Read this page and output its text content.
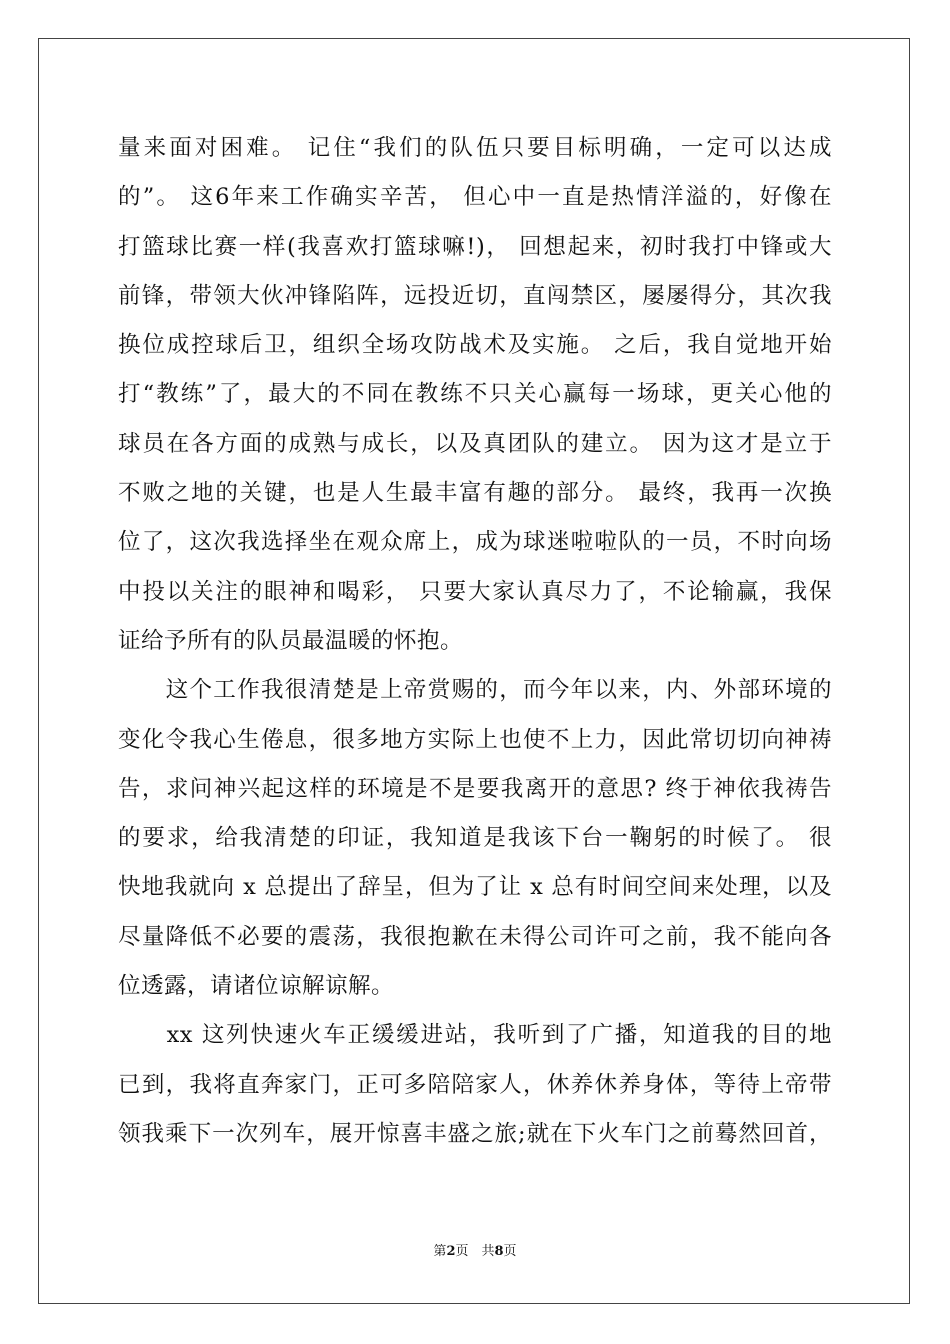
量来面对困难。 记住“我们的队伍只要目标明确，一定可以达成
的”。 这6年来工作确实辛苦， 但心中一直是热情洋溢的，好像在
打篮球比赛一样(我喜欢打篮球嘛!)， 回想起来，初时我打中锋或大
前锋，带领大伙冲锋陷阵，远投近切，直闯禁区，屡屡得分，其次我
换位成控球后卫，组织全场攻防战术及实施。 之后，我自觉地开始
打“教练”了，最大的不同在教练不只关心赢每一场球，更关心他的
球员在各方面的成熟与成长，以及真团队的建立。 因为这才是立于
不败之地的关键，也是人生最丰富有趣的部分。 最终，我再一次换
位了，这次我选择坐在观众席上，成为球迷啦啦队的一员，不时向场
中投以关注的眼神和喝彩， 只要大家认真尽力了，不论输赢，我保
证给予所有的队员最温暖的怀抱。
　　这个工作我很清楚是上帝赏赐的，而今年以来，内、外部环境的
变化令我心生倦息，很多地方实际上也使不上力，因此常切切向神祷
告，求问神兴起这样的环境是不是要我离开的意思? 终于神依我祷告
的要求，给我清楚的印证，我知道是我该下台一鞠躬的时候了。 很
快地我就向 x 总提出了辞呈，但为了让 x 总有时间空间来处理，以及
尽量降低不必要的震荡，我很抱歉在未得公司许可之前，我不能向各
位透露，请诸位谅解谅解。
　　xx 这列快速火车正缓缓进站，我听到了广播，知道我的目的地
已到，我将直奔家门，正可多陪陪家人，休养休养身体，等待上帝带
领我乘下一次列车，展开惊喜丰盛之旅;就在下火车门之前蓦然回首，
第2页　共8页
